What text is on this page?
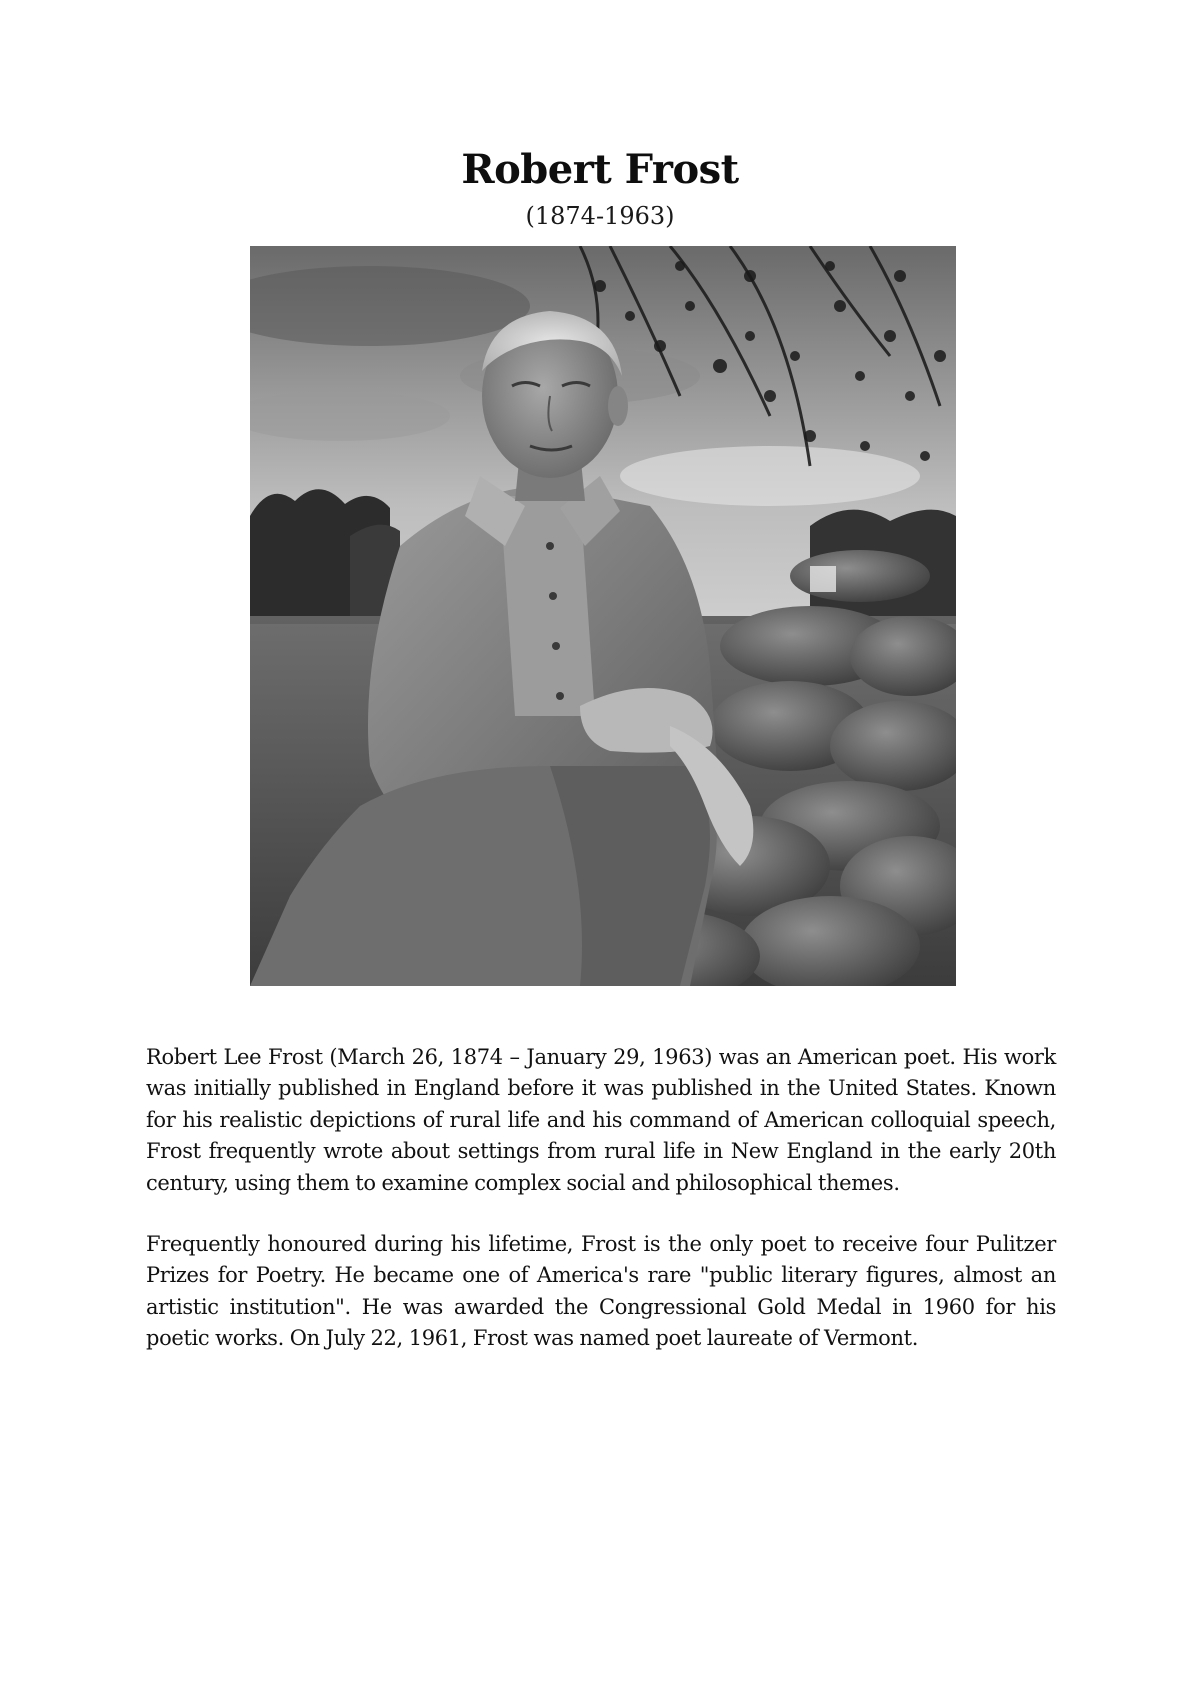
Robert Frost
(1874-1963)

Robert Lee Frost (March 26, 1874 – January 29, 1963) was an American poet. His work was initially published in England before it was published in the United States. Known for his realistic depictions of rural life and his command of American colloquial speech, Frost frequently wrote about settings from rural life in New England in the early 20th century, using them to examine complex social and philosophical themes.

Frequently honoured during his lifetime, Frost is the only poet to receive four Pulitzer Prizes for Poetry. He became one of America's rare "public literary figures, almost an artistic institution". He was awarded the Congressional Gold Medal in 1960 for his poetic works. On July 22, 1961, Frost was named poet laureate of Vermont.
